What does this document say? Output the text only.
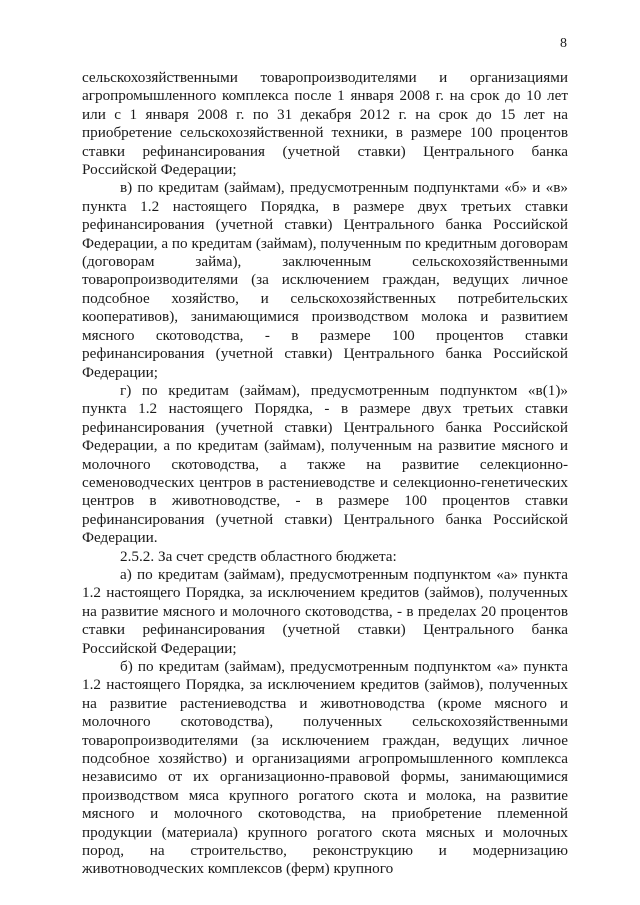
8

сельскохозяйственными товаропроизводителями и организациями агропромышленного комплекса после 1 января 2008 г. на срок до 10 лет или с 1 января 2008 г. по 31 декабря 2012 г. на срок до 15 лет на приобретение сельскохозяйственной техники, в размере 100 процентов ставки рефинансирования (учетной ставки) Центрального банка Российской Федерации;

в) по кредитам (займам), предусмотренным подпунктами «б» и «в» пункта 1.2 настоящего Порядка, в размере двух третьих ставки рефинансирования (учетной ставки) Центрального банка Российской Федерации, а по кредитам (займам), полученным по кредитным договорам (договорам займа), заключенным сельскохозяйственными товаропроизводителями (за исключением граждан, ведущих личное подсобное хозяйство, и сельскохозяйственных потребительских кооперативов), занимающимися производством молока и развитием мясного скотоводства, - в размере 100 процентов ставки рефинансирования (учетной ставки) Центрального банка Российской Федерации;

г) по кредитам (займам), предусмотренным подпунктом «в(1)» пункта 1.2 настоящего Порядка, - в размере двух третьих ставки рефинансирования (учетной ставки) Центрального банка Российской Федерации, а по кредитам (займам), полученным на развитие мясного и молочного скотоводства, а также на развитие селекционно-семеноводческих центров в растениеводстве и селекционно-генетических центров в животноводстве, - в размере 100 процентов ставки рефинансирования (учетной ставки) Центрального банка Российской Федерации.

2.5.2. За счет средств областного бюджета:

а) по кредитам (займам), предусмотренным подпунктом «а» пункта 1.2 настоящего Порядка, за исключением кредитов (займов), полученных на развитие мясного и молочного скотоводства, - в пределах 20 процентов ставки рефинансирования (учетной ставки) Центрального банка Российской Федерации;

б) по кредитам (займам), предусмотренным подпунктом «а» пункта 1.2 настоящего Порядка, за исключением кредитов (займов), полученных на развитие растениеводства и животноводства (кроме мясного и молочного скотоводства), полученных сельскохозяйственными товаропроизводителями (за исключением граждан, ведущих личное подсобное хозяйство) и организациями агропромышленного комплекса независимо от их организационно-правовой формы, занимающимися производством мяса крупного рогатого скота и молока, на развитие мясного и молочного скотоводства, на приобретение племенной продукции (материала) крупного рогатого скота мясных и молочных пород, на строительство, реконструкцию и модернизацию животноводческих комплексов (ферм) крупного
